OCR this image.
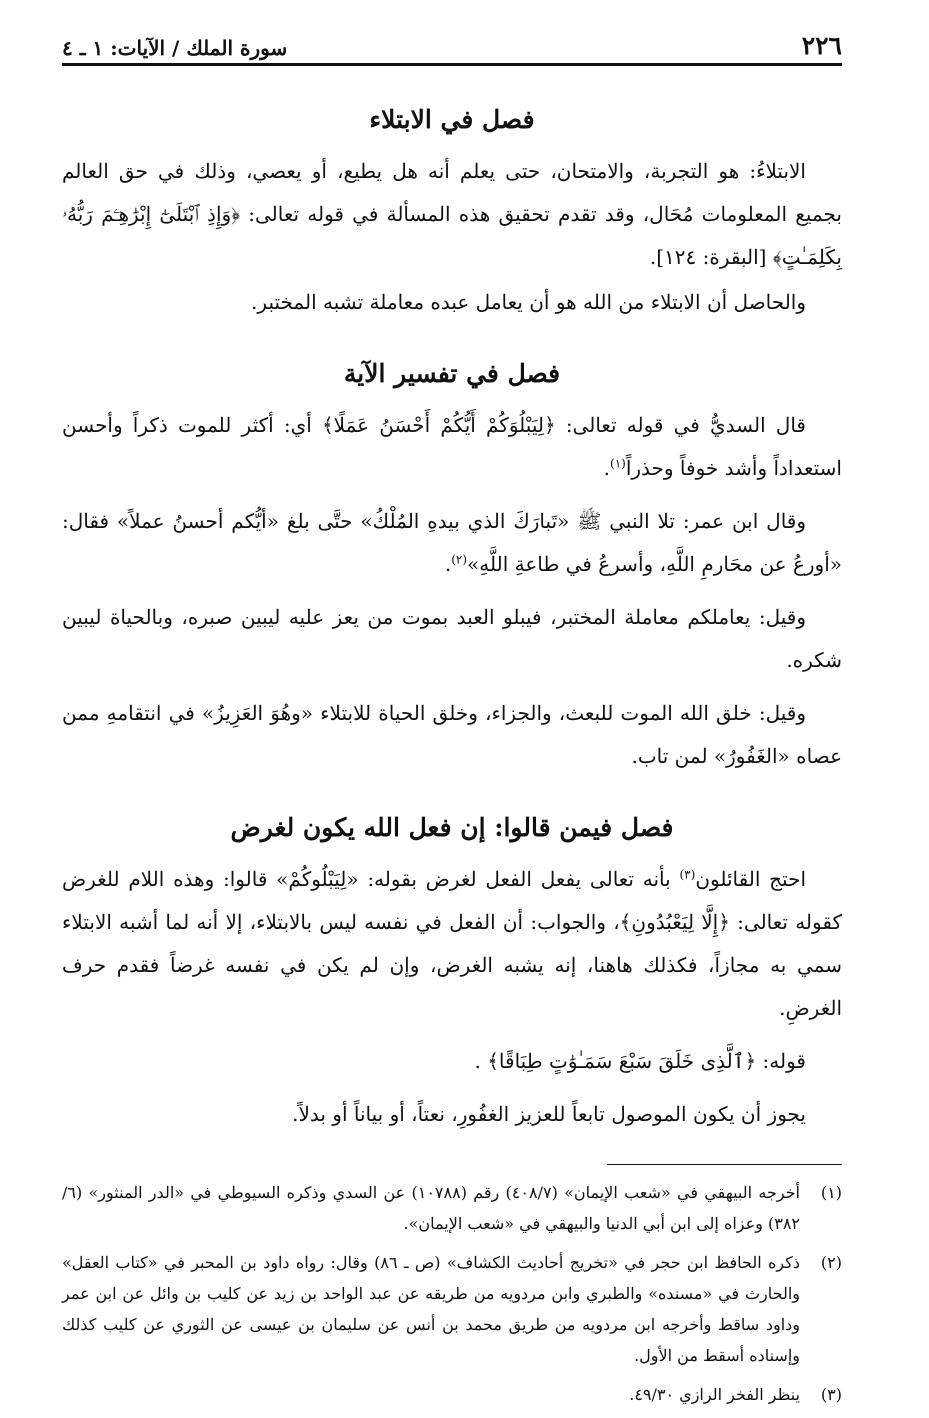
٢٢٦
سورة الملك / الآيات: ١ ـ ٤
فصل في الابتلاء

الابتلاءُ: هو التجربة، والامتحان، حتى يعلم أنه هل يطيع، أو يعصي، وذلك في حق العالم بجميع المعلومات مُحَال، وقد تقدم تحقيق هذه المسألة في قوله تعالى: ﴿وَإِذِ ٱبْتَلَىٰٓ إِبْرَٰهِـۧمَ رَبُّهُۥ بِكَلِمَـٰتٍ﴾ [البقرة: ١٢٤].

والحاصل أن الابتلاء من الله هو أن يعامل عبده معاملة تشبه المختبر.

فصل في تفسير الآية

قال السديُّ في قوله تعالى: ﴿لِيَبْلُوَكُمْ أَيُّكُمْ أَحْسَنُ عَمَلًا﴾ أي: أكثر للموت ذكراً وأحسن استعداداً وأشد خوفاً وحذراً$^{(١)}$.

وقال ابن عمر: تلا النبي ﷺ «تَبارَكَ الذي بيدهِ المُلْكُ» حتَّى بلغ «أيُّكم أحسنُ عملاً» فقال: «أورعُ عن محَارمِ اللَّهِ، وأسرعُ في طاعةِ اللَّهِ»$^{(٢)}$.

وقيل: يعاملكم معاملة المختبر، فيبلو العبد بموت من يعز عليه ليبين صبره، وبالحياة ليبين شكره.

وقيل: خلق الله الموت للبعث، والجزاء، وخلق الحياة للابتلاء «وهُوَ العَزِيزُ» في انتقامهِ ممن عصاه «الغَفُورُ» لمن تاب.

فصل فيمن قالوا: إن فعل الله يكون لغرض

احتج القائلون$^{(٣)}$ بأنه تعالى يفعل الفعل لغرض بقوله: «لِيَبْلُوكُمْ» قالوا: وهذه اللام للغرض كقوله تعالى: ﴿إِلَّا لِيَعْبُدُونِ﴾، والجواب: أن الفعل في نفسه ليس بالابتلاء، إلا أنه لما أشبه الابتلاء سمي به مجازاً، فكذلك هاهنا، إنه يشبه الغرض، وإن لم يكن في نفسه غرضاً فقدم حرف الغرضِ.

قوله: ﴿ٱلَّذِى خَلَقَ سَبْعَ سَمَـٰوَٰتٍ طِبَاقًا﴾ .

يجوز أن يكون الموصول تابعاً للعزيز الغفُورِ، نعتاً، أو بياناً أو بدلاً.

(١)
أخرجه البيهقي في «شعب الإيمان» (٤٠٨/٧) رقم (١٠٧٨٨) عن السدي وذكره السيوطي في «الدر المنثور» (٦/ ٣٨٢) وعزاه إلى ابن أبي الدنيا والبيهقي في «شعب الإيمان».
(٢)
ذكره الحافظ ابن حجر في «تخريج أحاديث الكشاف» (ص ـ ٨٦) وقال: رواه داود بن المحبر في «كتاب العقل» والحارث في «مسنده» والطبري وابن مردويه من طريقه عن عبد الواحد بن زيد عن كليب بن وائل عن ابن عمر وداود ساقط وأخرجه ابن مردويه من طريق محمد بن أنس عن سليمان بن عيسى عن الثوري عن كليب كذلك وإسناده أسقط من الأول.
(٣)
ينظر الفخر الرازي ٤٩/٣٠.
